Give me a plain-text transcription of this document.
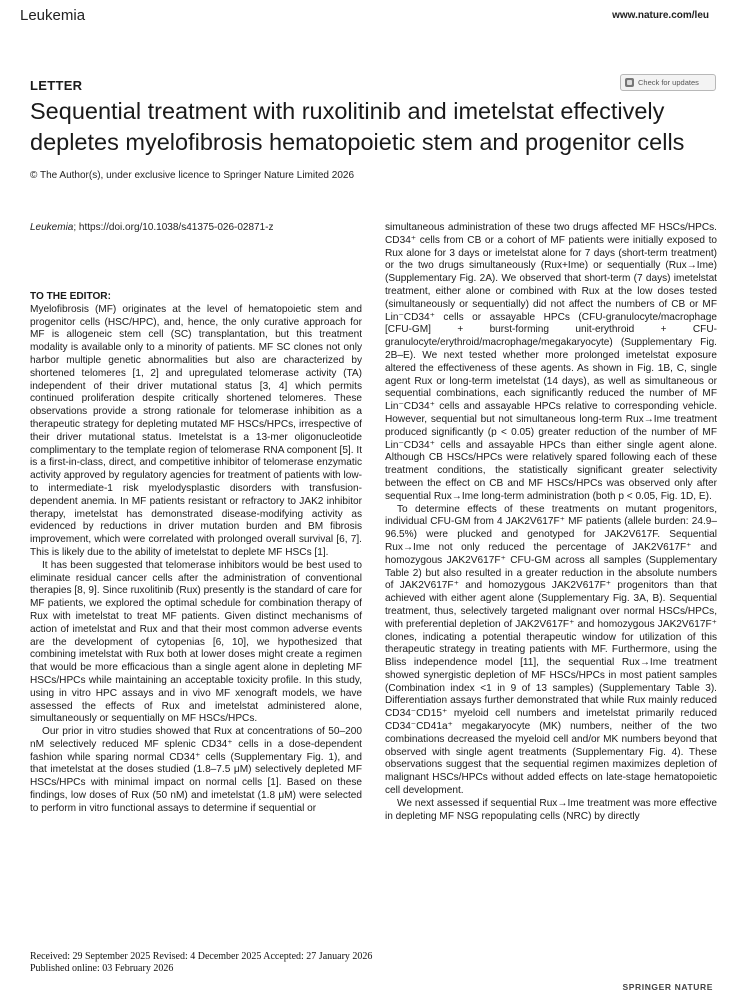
Leukemia	www.nature.com/leu
LETTER	Check for updates
Sequential treatment with ruxolitinib and imetelstat effectively depletes myelofibrosis hematopoietic stem and progenitor cells
© The Author(s), under exclusive licence to Springer Nature Limited 2026
Leukemia; https://doi.org/10.1038/s41375-026-02871-z

TO THE EDITOR:

Myelofibrosis (MF) originates at the level of hematopoietic stem and progenitor cells (HSC/HPC), and, hence, the only curative approach for MF is allogeneic stem cell (SC) transplantation, but this treatment modality is available only to a minority of patients. MF SC clones not only harbor multiple genetic abnormalities but also are characterized by shortened telomeres [1, 2] and upregulated telomerase activity (TA) independent of their driver mutational status [3, 4] which permits continued proliferation despite critically shortened telomeres. These observations provide a strong rationale for telomerase inhibition as a therapeutic strategy for depleting mutated MF HSCs/HPCs, irrespective of their driver mutational status. Imetelstat is a 13-mer oligonucleotide complimentary to the template region of telomerase RNA component [5]. It is a first-in-class, direct, and competitive inhibitor of telomerase enzymatic activity approved by regulatory agencies for treatment of patients with low- to intermediate-1 risk myelodysplastic disorders with transfusion-dependent anemia. In MF patients resistant or refractory to JAK2 inhibitor therapy, imetelstat has demonstrated disease-modifying activity as evidenced by reductions in driver mutation burden and BM fibrosis improvement, which were correlated with prolonged overall survival [6, 7]. This is likely due to the ability of imetelstat to deplete MF HSCs [1].

It has been suggested that telomerase inhibitors would be best used to eliminate residual cancer cells after the administration of conventional therapies [8, 9]. Since ruxolitinib (Rux) presently is the standard of care for MF patients, we explored the optimal schedule for combination therapy of Rux with imetelstat to treat MF patients. Given distinct mechanisms of action of imetelstat and Rux and that their most common adverse events are the development of cytopenias [6, 10], we hypothesized that combining imetelstat with Rux both at lower doses might create a regimen that would be more efficacious than a single agent alone in depleting MF HSCs/HPCs while maintaining an acceptable toxicity profile. In this study, using in vitro HPC assays and in vivo MF xenograft models, we have assessed the effects of Rux and imetelstat administered alone, simultaneously or sequentially on MF HSCs/HPCs.

Our prior in vitro studies showed that Rux at concentrations of 50–200 nM selectively reduced MF splenic CD34⁺ cells in a dose-dependent fashion while sparing normal CD34⁺ cells (Supplementary Fig. 1), and that imetelstat at the doses studied (1.8–7.5 μM) selectively depleted MF HSCs/HPCs with minimal impact on normal cells [1]. Based on these findings, low doses of Rux (50 nM) and imetelstat (1.8 μM) were selected to perform in vitro functional assays to determine if sequential or

simultaneous administration of these two drugs affected MF HSCs/HPCs. CD34⁺ cells from CB or a cohort of MF patients were initially exposed to Rux alone for 3 days or imetelstat alone for 7 days (short-term treatment) or the two drugs simultaneously (Rux+Ime) or sequentially (Rux→Ime) (Supplementary Fig. 2A). We observed that short-term (7 days) imetelstat treatment, either alone or combined with Rux at the low doses tested (simultaneously or sequentially) did not affect the numbers of CB or MF Lin⁻CD34⁺ cells or assayable HPCs (CFU-granulocyte/macrophage [CFU-GM] + burst-forming unit-erythroid + CFU-granulocyte/erythroid/macrophage/megakaryocyte) (Supplementary Fig. 2B–E). We next tested whether more prolonged imetelstat exposure altered the effectiveness of these agents. As shown in Fig. 1B, C, single agent Rux or long-term imetelstat (14 days), as well as simultaneous or sequential combinations, each significantly reduced the number of MF Lin⁻CD34⁺ cells and assayable HPCs relative to corresponding vehicle. However, sequential but not simultaneous long-term Rux→Ime treatment produced significantly (p < 0.05) greater reduction of the number of MF Lin⁻CD34⁺ cells and assayable HPCs than either single agent alone. Although CB HSCs/HPCs were relatively spared following each of these treatment conditions, the statistically significant greater selectivity between the effect on CB and MF HSCs/HPCs was observed only after sequential Rux→Ime long-term administration (both p < 0.05, Fig. 1D, E).

To determine effects of these treatments on mutant progenitors, individual CFU-GM from 4 JAK2V617F⁺ MF patients (allele burden: 24.9–96.5%) were plucked and genotyped for JAK2V617F. Sequential Rux→Ime not only reduced the percentage of JAK2V617F⁺ and homozygous JAK2V617F⁺ CFU-GM across all samples (Supplementary Table 2) but also resulted in a greater reduction in the absolute numbers of JAK2V617F⁺ and homozygous JAK2V617F⁺ progenitors than that achieved with either agent alone (Supplementary Fig. 3A, B). Sequential treatment, thus, selectively targeted malignant over normal HSCs/HPCs, with preferential depletion of JAK2V617F⁺ and homozygous JAK2V617F⁺ clones, indicating a potential therapeutic window for utilization of this therapeutic strategy in treating patients with MF. Furthermore, using the Bliss independence model [11], the sequential Rux→Ime treatment showed synergistic depletion of MF HSCs/HPCs in most patient samples (Combination index <1 in 9 of 13 samples) (Supplementary Table 3). Differentiation assays further demonstrated that while Rux mainly reduced CD34⁻CD15⁺ myeloid cell numbers and imetelstat primarily reduced CD34⁻CD41a⁺ megakaryocyte (MK) numbers, neither of the two combinations decreased the myeloid cell and/or MK numbers beyond that observed with single agent treatments (Supplementary Fig. 4). These observations suggest that the sequential regimen maximizes depletion of malignant HSCs/HPCs without added effects on late-stage hematopoietic cell development.

We next assessed if sequential Rux→Ime treatment was more effective in depleting MF NSG repopulating cells (NRC) by directly

Received: 29 September 2025 Revised: 4 December 2025 Accepted: 27 January 2026
Published online: 03 February 2026
SPRINGER NATURE
